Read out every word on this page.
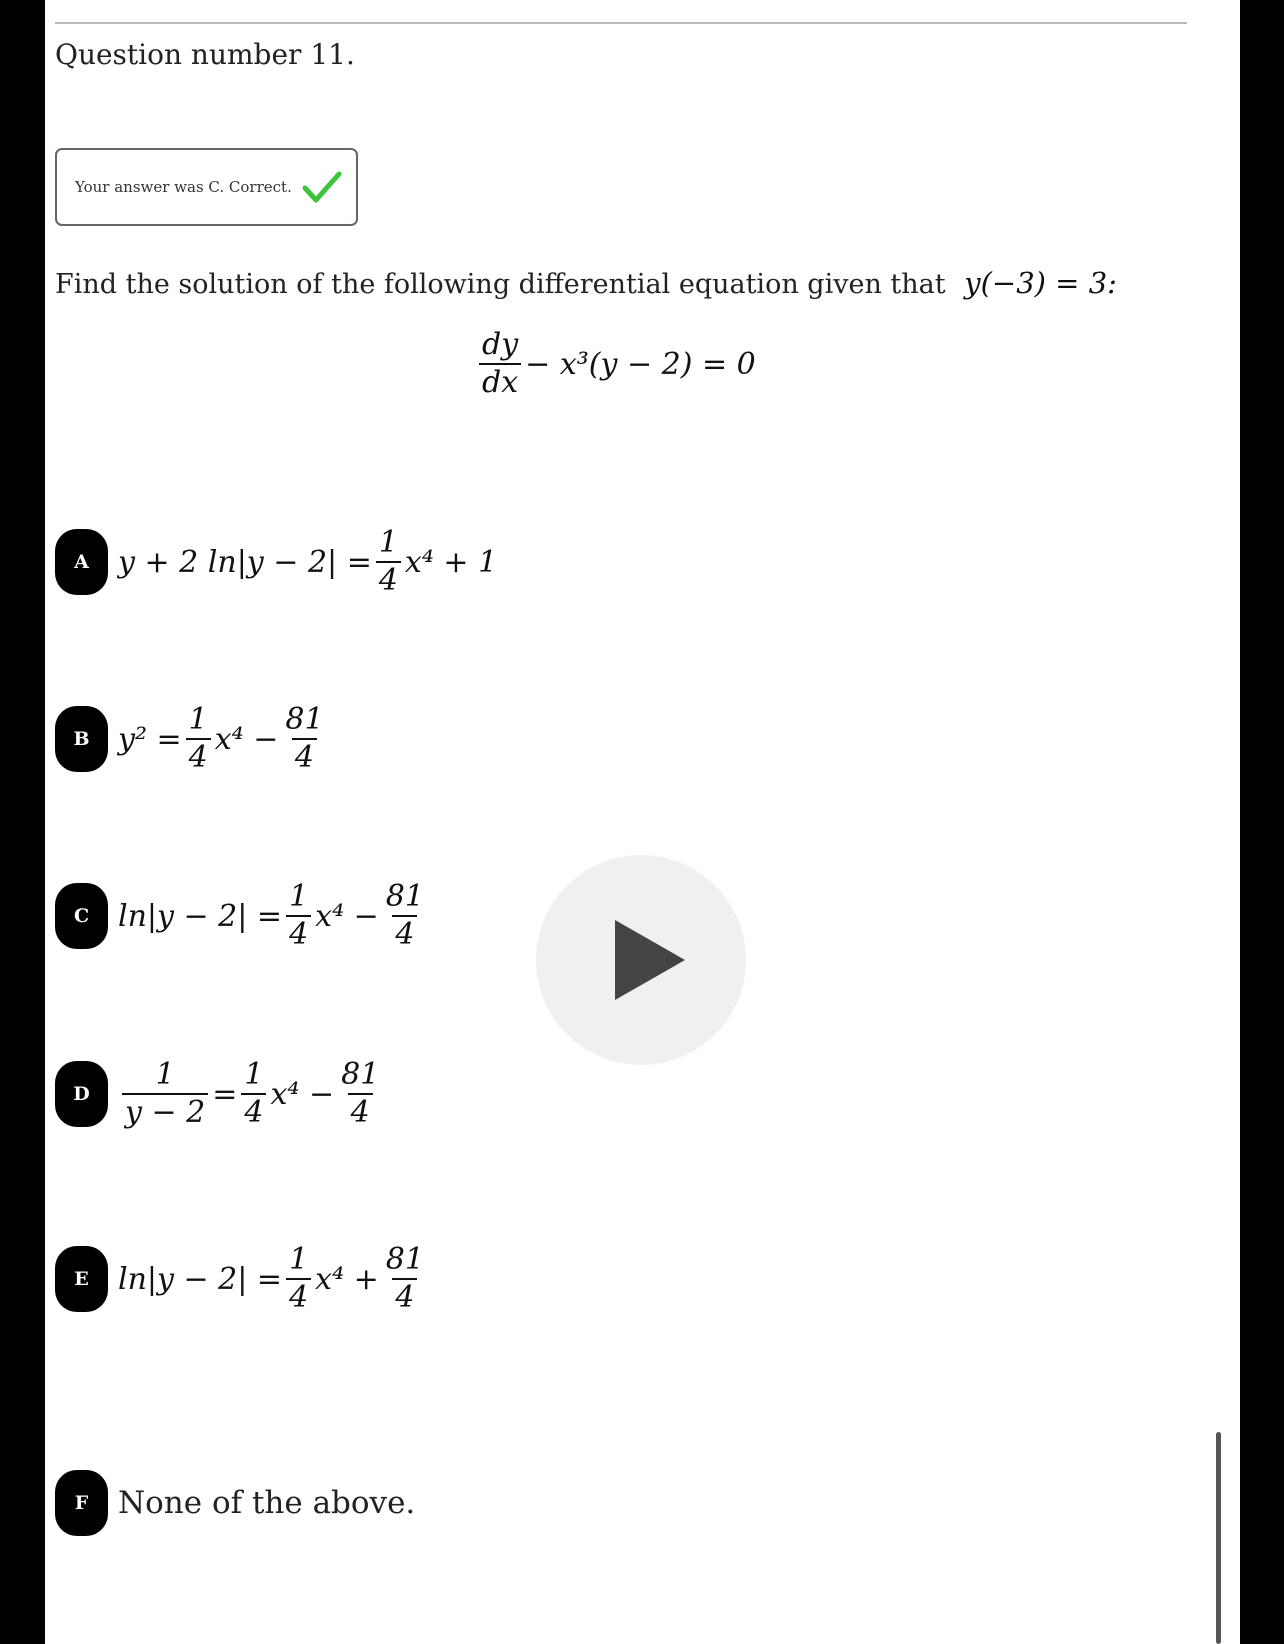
Question number 11.
Your answer was C. Correct.
Find the solution of the following differential equation given that y(−3) = 3:
$\frac{dy}{dx} - x^3(y - 2) = 0$
A y + 2 $\ln|y - 2| = \frac{1}{4} x^4 + 1$
B $y^2 = \frac{1}{4} x^4 - \frac{81}{4}$
C $\ln|y - 2| = \frac{1}{4} x^4 - \frac{81}{4}$
D	$\frac{1}{y - 2} = \frac{1}{4} x^4 - \frac{81}{4}$
E $\ln|y - 2| = \frac{1}{4} x^4 + \frac{81}{4}$
F None of the above.
